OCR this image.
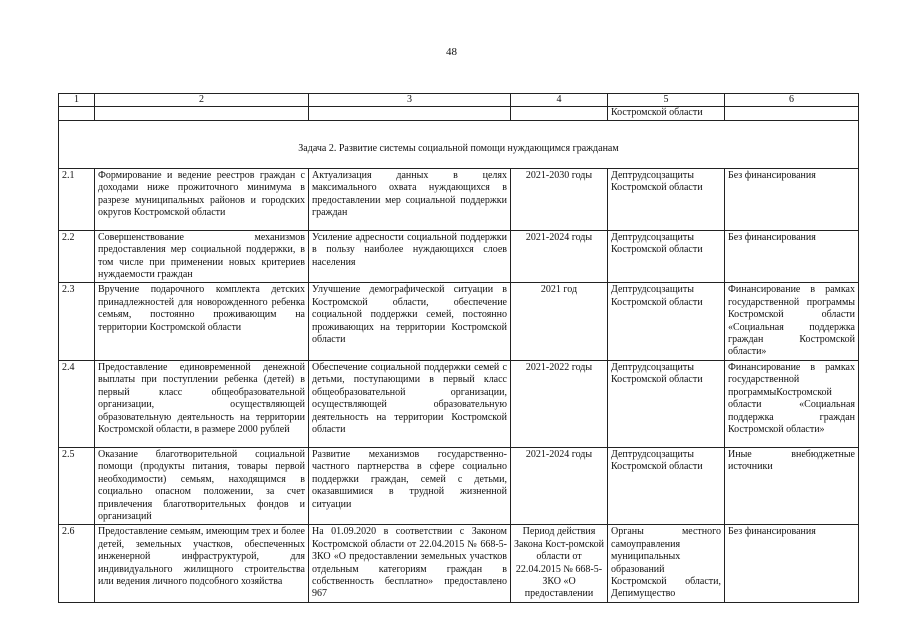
48
1	2	3	4	5	6
				Костромской области	
Задача 2. Развитие системы социальной помощи нуждающимся гражданам					
2.1	Формирование и ведение реестров граждан с доходами ниже прожиточного минимума в разрезе муниципальных районов и городских округов Костромской области	Актуализация данных в целях максимального охвата нуждающихся в предоставлении мер социальной поддержки граждан	2021-2030 годы	Дептрудсоцзащиты Костромской области	Без финансирования
2.2	Совершенствование механизмов предоставления мер социальной поддержки, в том числе при применении новых критериев нуждаемости граждан	Усиление адресности социальной поддержки в пользу наиболее нуждающихся слоев населения	2021-2024 годы	Дептрудсоцзащиты Костромской области	Без финансирования
2.3	Вручение подарочного комплекта детских принадлежностей для новорожденного ребенка семьям, постоянно проживающим на территории Костромской области	Улучшение демографической ситуации в Костромской области, обеспечение социальной поддержки семей, постоянно проживающих на территории Костромской области	2021 год	Дептрудсоцзащиты Костромской области	Финансирование в рамках государственной программы Костромской области «Социальная поддержка граждан Костромской области»
2.4	Предоставление единовременной денежной выплаты при поступлении ребенка (детей) в первый класс общеобразовательной организации, осуществляющей образовательную деятельность на территории Костромской области, в размере 2000 рублей	Обеспечение социальной поддержки семей с детьми, поступающими в первый класс общеобразовательной организации, осуществляющей образовательную деятельность на территории Костромской области	2021-2022 годы	Дептрудсоцзащиты Костромской области	Финансирование в рамках государственной программыКостромской области «Социальная поддержка граждан Костромской области»
2.5	Оказание благотворительной социальной помощи (продукты питания, товары первой необходимости) семьям, находящимся в социально опасном положении, за счет привлечения благотворительных фондов и организаций	Развитие механизмов государственно-частного партнерства в сфере социально поддержки граждан, семей с детьми, оказавшимися в трудной жизненной ситуации	2021-2024 годы	Дептрудсоцзащиты Костромской области	Иные внебюджетные источники
2.6	Предоставление семьям, имеющим трех и более детей, земельных участков, обеспеченных инженерной инфраструктурой, для индивидуального жилищного строительства или ведения личного подсобного хозяйства	На 01.09.2020 в соответствии с Законом Костромской области от 22.04.2015 № 668-5-ЗКО «О предоставлении земельных участков отдельным категориям граждан в собственность бесплатно» предоставлено 967	Период действия Закона Кост-ромской области от 22.04.2015 № 668-5-ЗКО «О предоставлении	Органы местного самоуправления муниципальных образований Костромской области, Депимущество	Без финансирования
